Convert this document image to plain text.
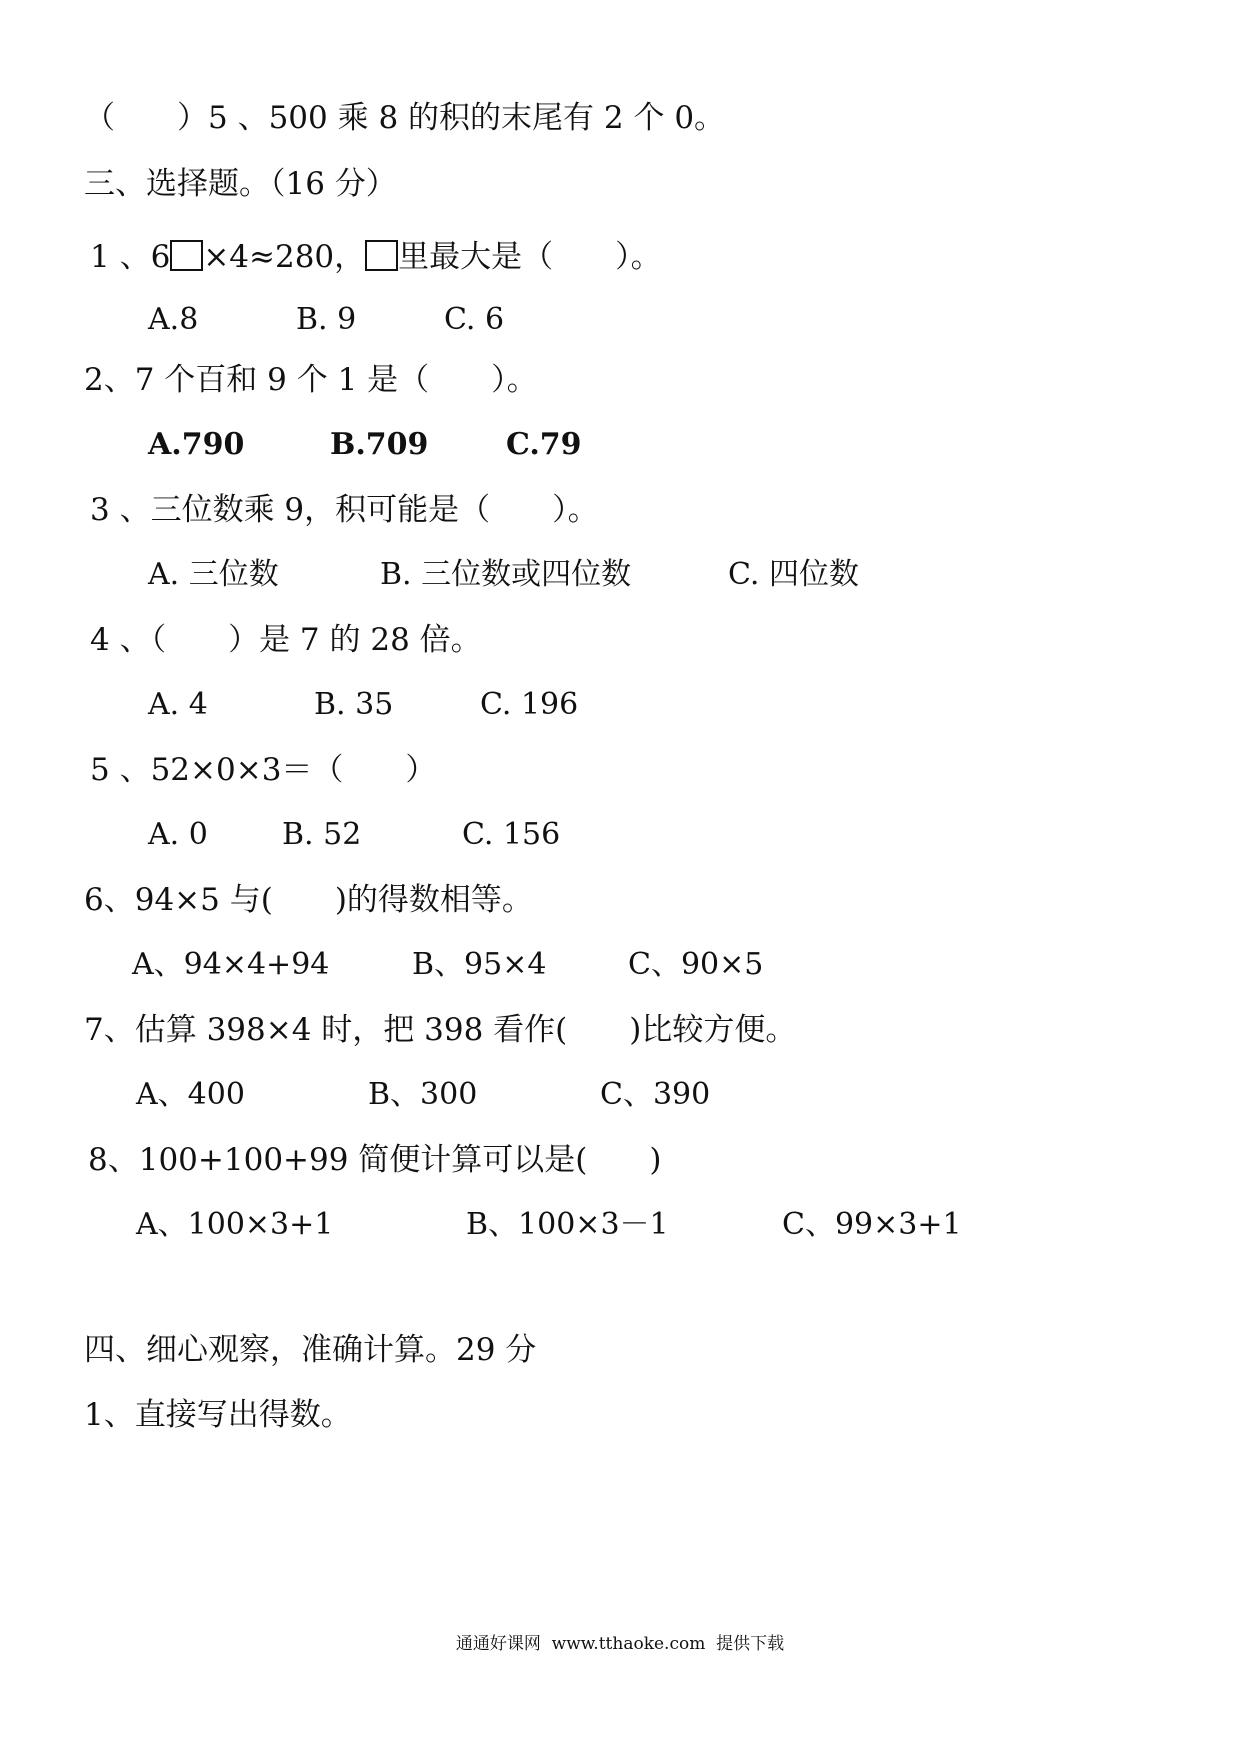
（　　）5 、500 乘 8 的积的末尾有 2 个 0。
三、选择题。（16 分）
1 、6 ×4≈280， 里最大是（　　）。
A.8	B. 9	C. 6
2、7 个百和 9 个 1 是（　　）。
A.790	B.709	C.79
3 、三位数乘 9，积可能是（　　）。
A. 三位数	B. 三位数或四位数	C. 四位数
4 、（　　）是 7 的 28 倍。
A. 4	B. 35	C. 196
5 、52×0×3＝（　　）
A. 0 B. 52	C. 156
6、94×5 与(　　)的得数相等。
A、94×4+94	B、95×4	C、90×5
7、估算 398×4 时，把 398 看作(　　)比较方便。
A、400	B、300	C、390
8、100+100+99 简便计算可以是(　　)
A、100×3+1	B、100×3－1	C、99×3+1
四、细心观察，准确计算。29 分
1、直接写出得数。
通通好课网  www.tthaoke.com  提供下载
